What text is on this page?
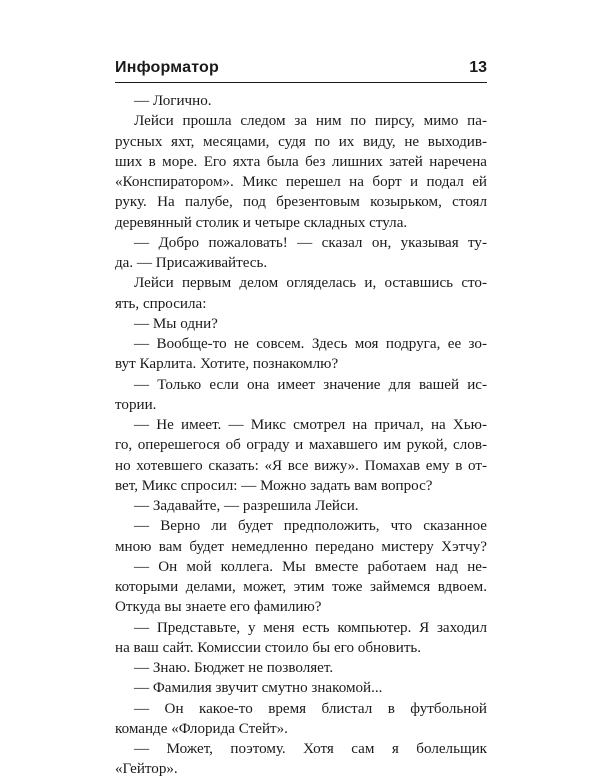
Информатор	13
— Логично.
Лейси прошла следом за ним по пирсу, мимо па-
русных яхт, месяцами, судя по их виду, не выходив-
ших в море. Его яхта была без лишних затей наречена
«Конспиратором». Микс перешел на борт и подал ей
руку. На палубе, под брезентовым козырьком, стоял
деревянный столик и четыре складных стула.
— Добро пожаловать! — сказал он, указывая ту-
да. — Присаживайтесь.
Лейси первым делом огляделась и, оставшись сто-
ять, спросила:
— Мы одни?
— Вообще-то не совсем. Здесь моя подруга, ее зо-
вут Карлита. Хотите, познакомлю?
— Только если она имеет значение для вашей ис-
тории.
— Не имеет. — Микс смотрел на причал, на Хью-
го, оперешегося об ограду и махавшего им рукой, слов-
но хотевшего сказать: «Я все вижу». Помахав ему в от-
вет, Микс спросил: — Можно задать вам вопрос?
— Задавайте, — разрешила Лейси.
— Верно ли будет предположить, что сказанное
мною вам будет немедленно передано мистеру Хэтчу?
— Он мой коллега. Мы вместе работаем над не-
которыми делами, может, этим тоже займемся вдвоем.
Откуда вы знаете его фамилию?
— Представьте, у меня есть компьютер. Я заходил
на ваш сайт. Комиссии стоило бы его обновить.
— Знаю. Бюджет не позволяет.
— Фамилия звучит смутно знакомой...
— Он какое-то время блистал в футбольной
команде «Флорида Стейт».
— Может, поэтому. Хотя сам я болельщик
«Гейтор».
